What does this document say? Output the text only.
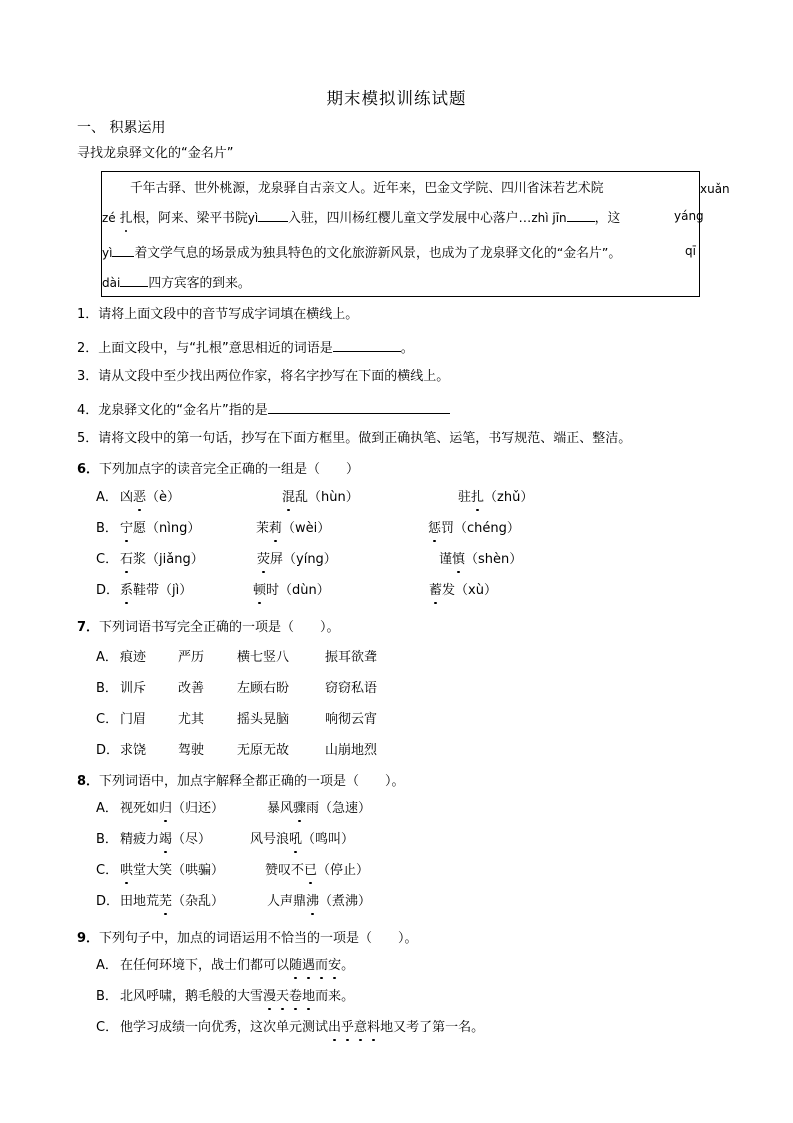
期末模拟训练试题
一、 积累运用
寻找龙泉驿文化的“金名片”
千年古驿、世外桃源，龙泉驿自古亲文人。近年来，巴金文学院、四川省沫若艺术院	xuǎn
zé 扎根，阿来、梁平书院yì 入驻，四川杨红樱儿童文学发展中心落户…zhì jīn ，这	yáng
yì 着文学气息的场景成为独具特色的文化旅游新风景，也成为了龙泉驿文化的“金名片”。	qī
dài 四方宾客的到来。
1．请将上面文段中的音节写成字词填在横线上。
2．上面文段中，与“扎根”意思相近的词语是	。
3．请从文段中至少找出两位作家，将名字抄写在下面的横线上。
4．龙泉驿文化的“金名片”指的是
5．请将文段中的第一句话，抄写在下面方框里。做到正确执笔、运笔，书写规范、端正、整洁。
6．下列加点字的读音完全正确的一组是（　　）
A． 凶恶（è）	混乱（hùn）	驻扎（zhǔ）
B． 宁愿（nìng）	茉莉（wèi）	惩罚（chéng）
C． 石浆（jiǎng）	荧屏（yíng）	谨慎（shèn）
D． 系鞋带（jì）	顿时（dùn）	蓄发（xù）
7．下列词语书写完全正确的一项是（　　）。
A． 痕迹 严历	横七竖八	振耳欲聋
B． 训斥 改善	左顾右盼	窃窃私语
C． 门眉 尤其	摇头晃脑	响彻云宵
D． 求饶 驾驶	无原无故	山崩地烈
8．下列词语中，加点字解释全都正确的一项是（　　）。
A． 视死如归（归还）	暴风骤雨（急速）
B． 精疲力竭（尽）	风号浪吼（鸣叫）
C． 哄堂大笑（哄骗）	赞叹不已（停止）
D． 田地荒芜（杂乱）	人声鼎沸（煮沸）
9．下列句子中，加点的词语运用不恰当的一项是（　　）。
A． 在任何环境下，战士们都可以随遇而安。
B． 北风呼啸，鹅毛般的大雪漫天卷地而来。
C． 他学习成绩一向优秀，这次单元测试出乎意料地又考了第一名。
